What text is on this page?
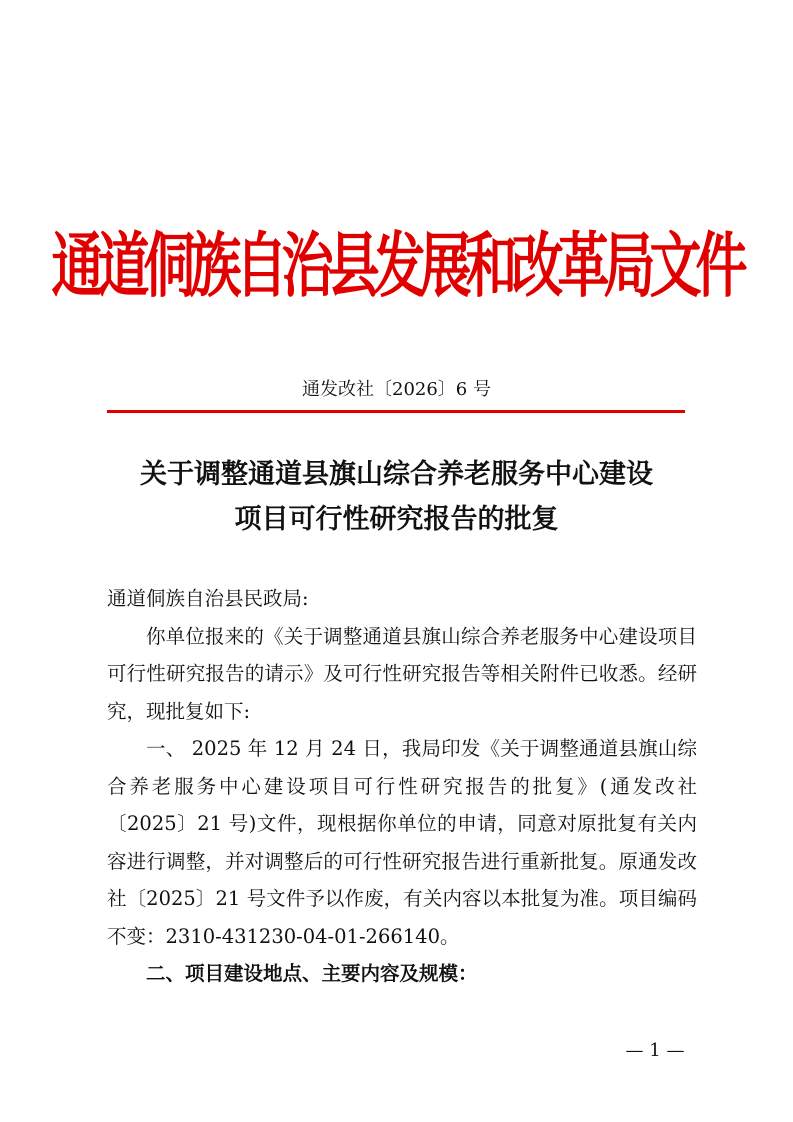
通道侗族自治县发展和改革局文件
通发改社〔2026〕6 号
关于调整通道县旗山综合养老服务中心建设
项目可行性研究报告的批复

通道侗族自治县民政局:

你单位报来的《关于调整通道县旗山综合养老服务中心建设项目可行性研究报告的请示》及可行性研究报告等相关附件已收悉。经研究，现批复如下:

一、 2025 年 12 月 24 日，我局印发《关于调整通道县旗山综合养老服务中心建设项目可行性研究报告的批复》(通发改社〔2025〕21 号)文件，现根据你单位的申请，同意对原批复有关内容进行调整，并对调整后的可行性研究报告进行重新批复。原通发改社〔2025〕21 号文件予以作废，有关内容以本批复为准。项目编码不变：2310-431230-04-01-266140。

二、项目建设地点、主要内容及规模：

— 1 —
